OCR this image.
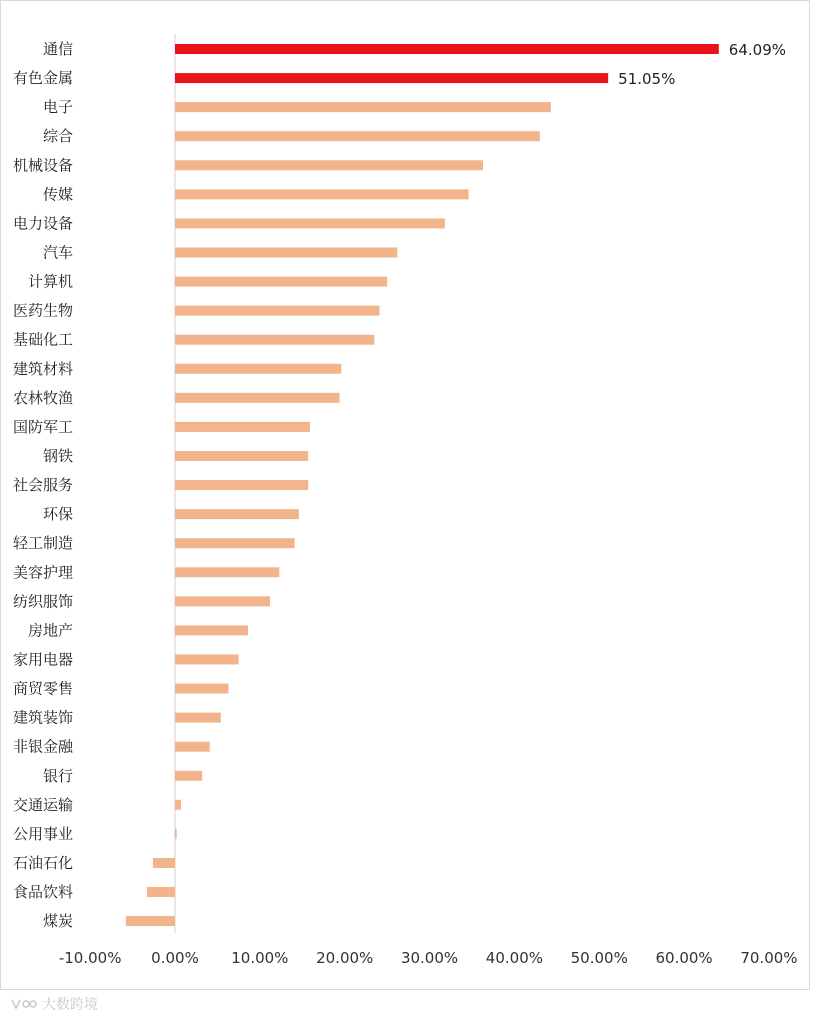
通信
有色金属
电子
综合
机械设备
传媒
电力设备
汽车
计算机
医药生物
基础化工
建筑材料
农林牧渔
国防军工
钢铁
社会服务
环保
轻工制造
美容护理
纺织服饰
房地产
家用电器
商贸零售
建筑装饰
非银金融
银行
交通运输
公用事业
石油石化
食品饮料
煤炭
-10.00% 0.00% 10.00% 20.00% 30.00% 40.00% 50.00% 60.00% 70.00%
64.09%
51.05%
大数跨境
